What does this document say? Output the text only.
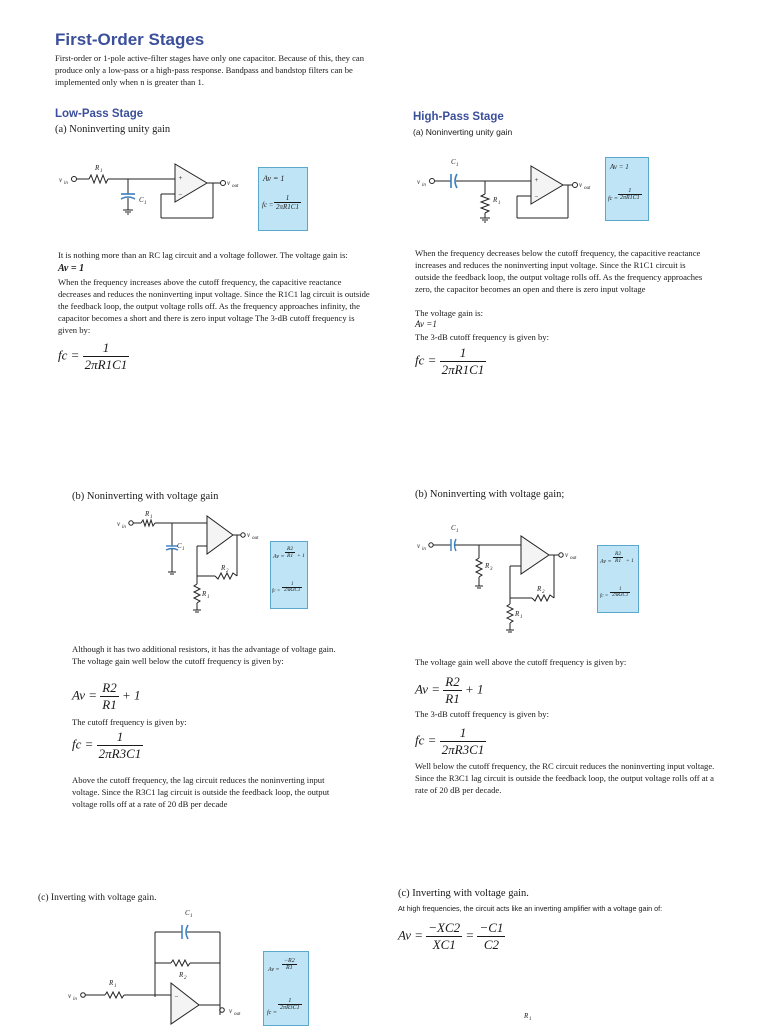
First-Order Stages
First-order or 1-pole active-filter stages have only one capacitor. Because of this, they can produce only a low-pass or a high-pass response. Bandpass and bandstop filters can be implemented only when n is greater than 1.
Low-Pass Stage
(a) Noninverting unity gain
v in
R 1
C 1
+
−
v out
Av = 1
fc = $\frac{1}{2\pi R1C1}$
It is nothing more than an RC lag circuit and a voltage follower. The voltage gain is:
Av = 1
When the frequency increases above the cutoff frequency, the capacitive reactance decreases and reduces the noninverting input voltage. Since the R1C1 lag circuit is outside the feedback loop, the output voltage rolls off. As the frequency approaches infinity, the capacitor becomes a short and there is zero input voltage The 3-dB cutoff frequency is given by:
fc = $\frac{1}{2\pi R1C1}$
High-Pass Stage
(a) Noninverting unity gain
v in
C 1
R 1
+
−
v out
Av = 1
fc = $\frac{1}{2\pi R1C1}$
When the frequency decreases below the cutoff frequency, the capacitive reactance increases and reduces the noninverting input voltage. Since the R1C1 circuit is outside the feedback loop, the output voltage rolls off. As the frequency approaches zero, the capacitor becomes an open and there is zero input voltage
The voltage gain is:
Av =1
The 3-dB cutoff frequency is given by:
fc = $\frac{1}{2\pi R1C1}$
(b) Noninverting with voltage gain
v in
R 1
C 1
v out
R 2
R 1
$Av = \frac{R2}{R1} + 1$
fc = $\frac{1}{2\pi R3C1}$
Although it has two additional resistors, it has the advantage of voltage gain. The voltage gain well below the cutoff frequency is given by:
$Av = \frac{R2}{R1} + 1$
The cutoff frequency is given by:
fc = $\frac{1}{2\pi R3C1}$
Above the cutoff frequency, the lag circuit reduces the noninverting input voltage. Since the R3C1 lag circuit is outside the feedback loop, the output voltage rolls off at a rate of 20 dB per decade
(b) Noninverting with voltage gain;
v in
C 1
R 3
v out
R 2
R 1
$Av = \frac{R2}{R1} + 1$
fc = $\frac{1}{2\pi R3C1}$
The voltage gain well above the cutoff frequency is given by:
$Av = \frac{R2}{R1} + 1$
The 3-dB cutoff frequency is given by:
fc = $\frac{1}{2\pi R3C1}$
Well below the cutoff frequency, the RC circuit reduces the noninverting input voltage. Since the R3C1 lag circuit is outside the feedback loop, the output voltage rolls off at a rate of 20 dB per decade.
(c) Inverting with voltage gain.
C 1
R 2
v in
R 1
−
v out
$Av = \frac{-R2}{R1}$
fc =
$\frac{1}{2\pi R3C1}$
(c) Inverting with voltage gain.
At high frequencies, the circuit acts like an inverting amplifier with a voltage gain of:
$Av = \frac{-XC2}{XC1} = \frac{-C1}{C2}$
R 1
